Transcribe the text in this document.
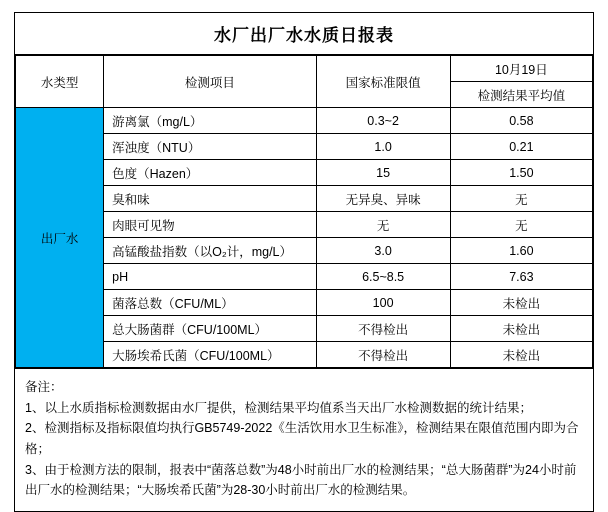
水厂出厂水水质日报表
水类型	检测项目	国家标准限值	10月19日
			检测结果平均值
出厂水	游离氯（mg/L）	0.3~2	0.58
	浑浊度（NTU）	1.0	0.21
	色度（Hazen）	15	1.50
	臭和味	无异臭、异味	无
	肉眼可见物	无	无
	高锰酸盐指数（以O₂计，mg/L）	3.0	1.60
	pH	6.5~8.5	7.63
	菌落总数（CFU/ML）	100	未检出
	总大肠菌群（CFU/100ML）	不得检出	未检出
	大肠埃希氏菌（CFU/100ML）	不得检出	未检出
备注：
1、以上水质指标检测数据由水厂提供，检测结果平均值系当天出厂水检测数据的统计结果；
2、检测指标及指标限值均执行GB5749-2022《生活饮用水卫生标准》，检测结果在限值范围内即为合格；
3、由于检测方法的限制，报表中“菌落总数”为48小时前出厂水的检测结果；“总大肠菌群”为24小时前出厂水的检测结果；“大肠埃希氏菌”为28-30小时前出厂水的检测结果。
